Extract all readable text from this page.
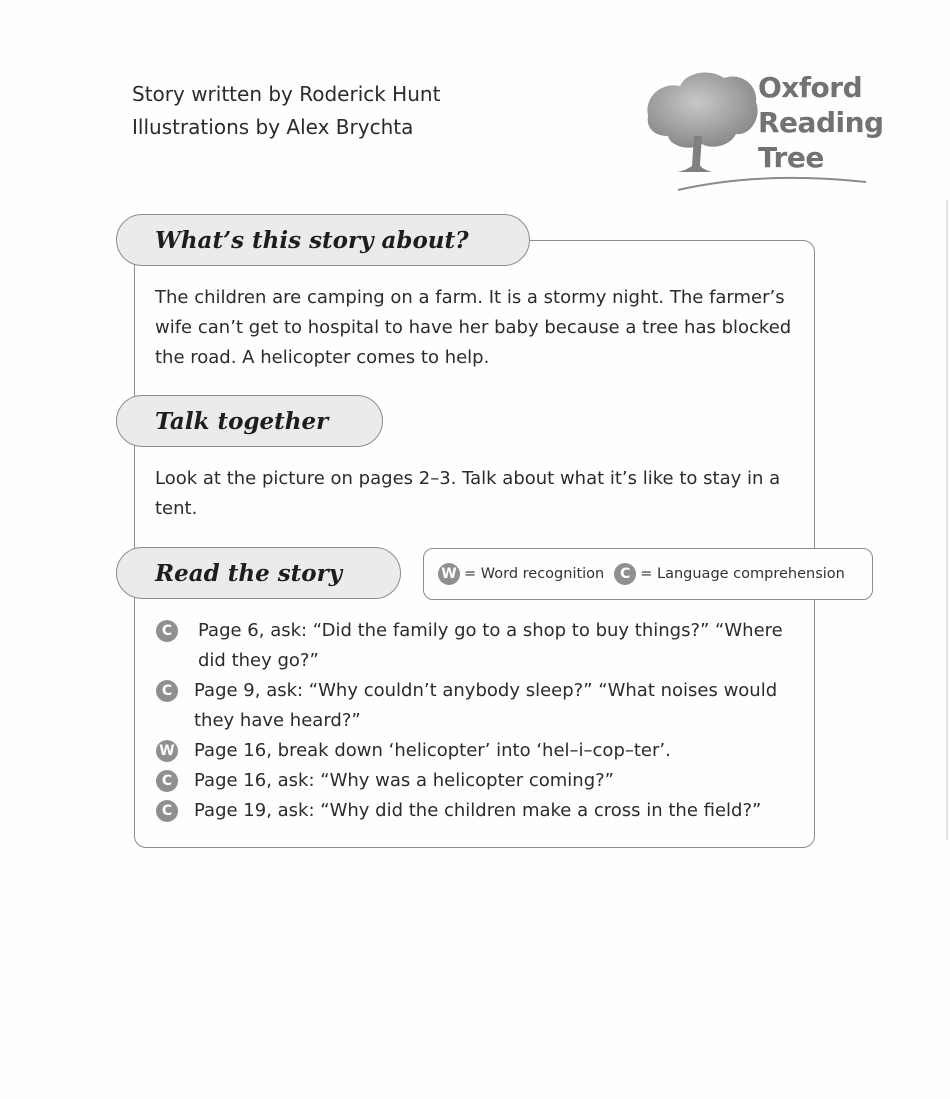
Story written by Roderick Hunt
Illustrations by Alex Brychta
Oxford
Reading
Tree
What’s this story about?
The children are camping on a farm. It is a stormy night. The farmer’s wife can’t get to hospital to have her baby because a tree has blocked the road. A helicopter comes to help.
Talk together
Look at the picture on pages 2–3. Talk about what it’s like to stay in a tent.
Read the story	W = Word recognition	C = Language comprehension
C	Page 6, ask: “Did the family go to a shop to buy things?” “Where did they go?”
C	Page 9, ask: “Why couldn’t anybody sleep?” “What noises would they have heard?”
W Page 16, break down ‘helicopter’ into ‘hel–i–cop–ter’.
C	Page 16, ask: “Why was a helicopter coming?”
C	Page 19, ask: “Why did the children make a cross in the field?”
